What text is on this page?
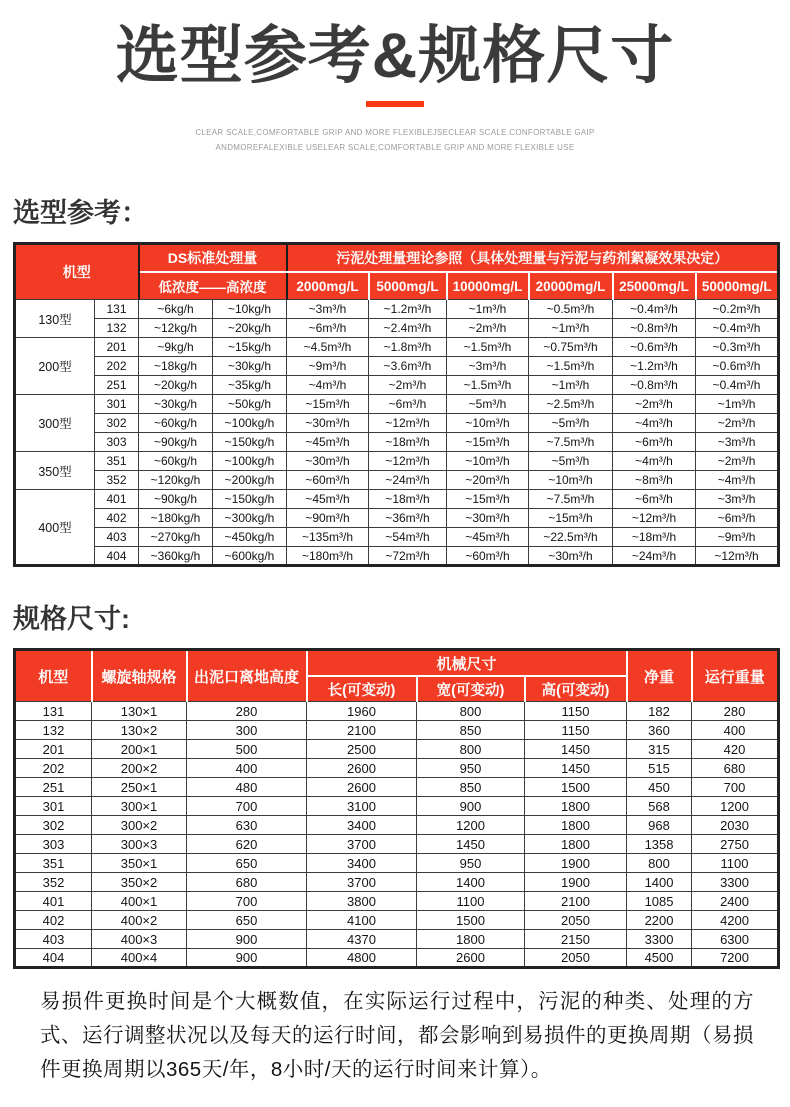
选型参考&规格尺寸

CLEAR SCALE,COMFORTABLE GRIP AND MORE FLEXIBLEJSECLEAR SCALE.CONFORTABLE GAIP

ANDMOREFALEXIBLE USELEAR SCALE,COMFORTABLE GRIP AND MORE FLEXIBLE USE

选型参考：
机型		DS标准处理量		污泥处理量理论参照（具体处理量与污泥与药剂絮凝效果决定）					
		低浓度——高浓度		2000mg/L	5000mg/L	10000mg/L	20000mg/L	25000mg/L	50000mg/L
130型	131	~6kg/h	~10kg/h	~3m³/h	~1.2m³/h	~1m³/h	~0.5m³/h	~0.4m³/h	~0.2m³/h
	132	~12kg/h	~20kg/h	~6m³/h	~2.4m³/h	~2m³/h	~1m³/h	~0.8m³/h	~0.4m³/h
200型	201	~9kg/h	~15kg/h	~4.5m³/h	~1.8m³/h	~1.5m³/h	~0.75m³/h	~0.6m³/h	~0.3m³/h
	202	~18kg/h	~30kg/h	~9m³/h	~3.6m³/h	~3m³/h	~1.5m³/h	~1.2m³/h	~0.6m³/h
	251	~20kg/h	~35kg/h	~4m³/h	~2m³/h	~1.5m³/h	~1m³/h	~0.8m³/h	~0.4m³/h
300型	301	~30kg/h	~50kg/h	~15m³/h	~6m³/h	~5m³/h	~2.5m³/h	~2m³/h	~1m³/h
	302	~60kg/h	~100kg/h	~30m³/h	~12m³/h	~10m³/h	~5m³/h	~4m³/h	~2m³/h
	303	~90kg/h	~150kg/h	~45m³/h	~18m³/h	~15m³/h	~7.5m³/h	~6m³/h	~3m³/h
350型	351	~60kg/h	~100kg/h	~30m³/h	~12m³/h	~10m³/h	~5m³/h	~4m³/h	~2m³/h
	352	~120kg/h	~200kg/h	~60m³/h	~24m³/h	~20m³/h	~10m³/h	~8m³/h	~4m³/h
400型	401	~90kg/h	~150kg/h	~45m³/h	~18m³/h	~15m³/h	~7.5m³/h	~6m³/h	~3m³/h
	402	~180kg/h	~300kg/h	~90m³/h	~36m³/h	~30m³/h	~15m³/h	~12m³/h	~6m³/h
	403	~270kg/h	~450kg/h	~135m³/h	~54m³/h	~45m³/h	~22.5m³/h	~18m³/h	~9m³/h
	404	~360kg/h	~600kg/h	~180m³/h	~72m³/h	~60m³/h	~30m³/h	~24m³/h	~12m³/h
规格尺寸:
机型	螺旋轴规格	出泥口离地高度	机械尺寸			净重	运行重量
			长(可变动)	宽(可变动)	高(可变动)		
131	130×1	280	1960	800	1150	182	280
132	130×2	300	2100	850	1150	360	400
201	200×1	500	2500	800	1450	315	420
202	200×2	400	2600	950	1450	515	680
251	250×1	480	2600	850	1500	450	700
301	300×1	700	3100	900	1800	568	1200
302	300×2	630	3400	1200	1800	968	2030
303	300×3	620	3700	1450	1800	1358	2750
351	350×1	650	3400	950	1900	800	1100
352	350×2	680	3700	1400	1900	1400	3300
401	400×1	700	3800	1100	2100	1085	2400
402	400×2	650	4100	1500	2050	2200	4200
403	400×3	900	4370	1800	2150	3300	6300
404	400×4	900	4800	2600	2050	4500	7200

易损件更换时间是个大概数值，在实际运行过程中，污泥的种类、处理的方式、运行调整状况以及每天的运行时间，都会影响到易损件的更换周期（易损件更换周期以365天/年，8小时/天的运行时间来计算）。
